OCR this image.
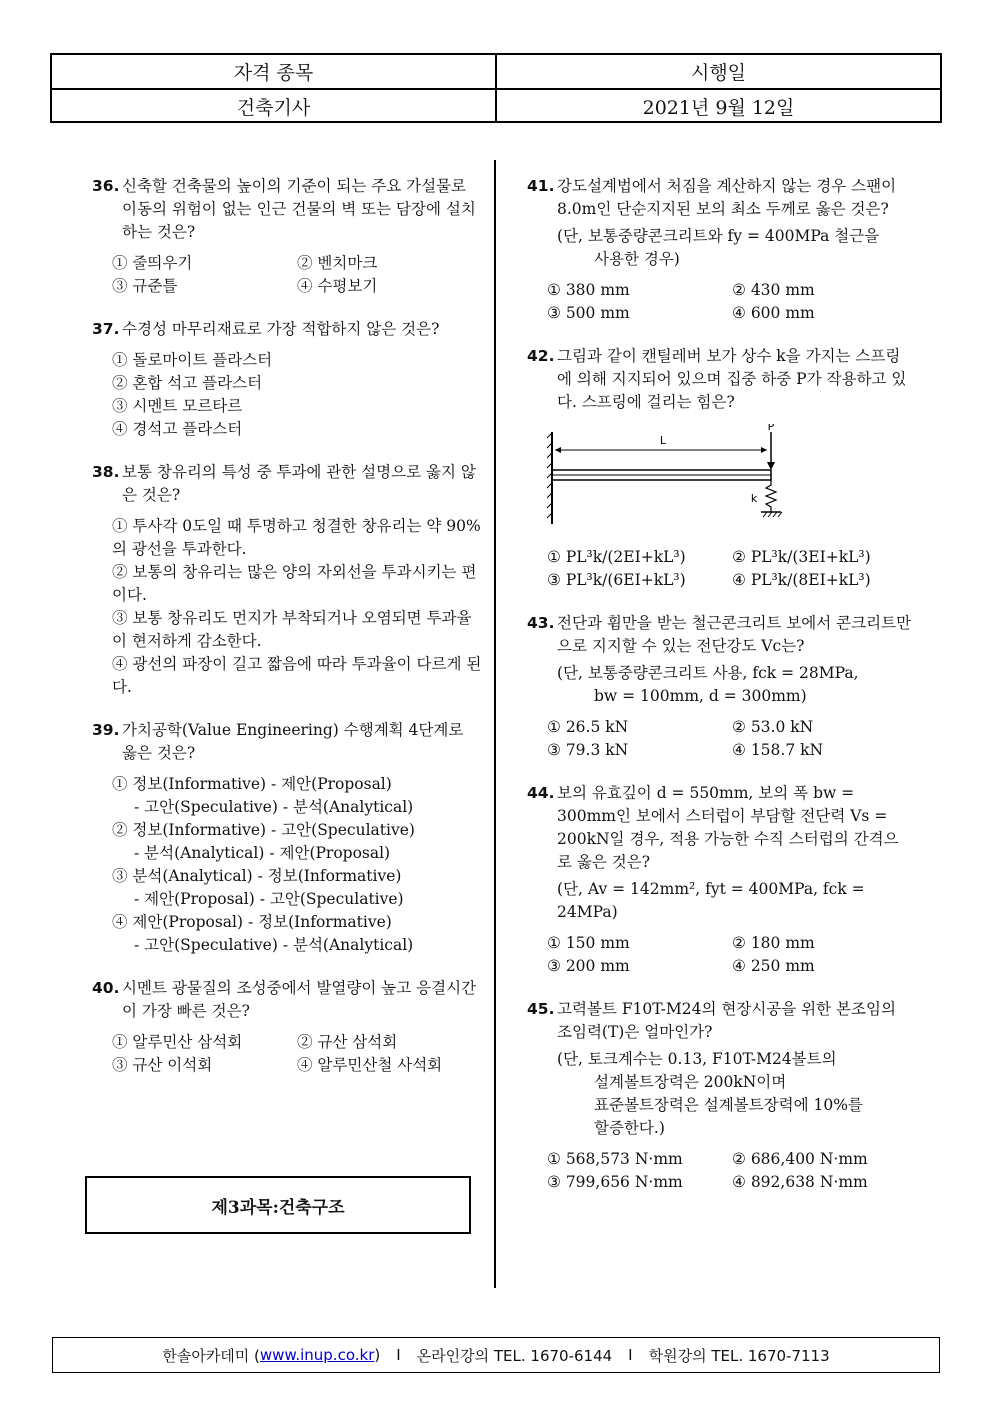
자격 종목	시행일
건축기사	2021년 9월 12일
36. 신축할 건축물의 높이의 기준이 되는 주요 가설물로 이동의 위험이 없는 인근 건물의 벽 또는 담장에 설치하는 것은?
① 줄띄우기	② 벤치마크
③ 규준틀	④ 수평보기
37. 수경성 마무리재료로 가장 적합하지 않은 것은?
① 돌로마이트 플라스터
② 혼합 석고 플라스터
③ 시멘트 모르타르
④ 경석고 플라스터
38. 보통 창유리의 특성 중 투과에 관한 설명으로 옳지 않은 것은?
① 투사각 0도일 때 투명하고 청결한 창유리는 약 90%의 광선을 투과한다.
② 보통의 창유리는 많은 양의 자외선을 투과시키는 편이다.
③ 보통 창유리도 먼지가 부착되거나 오염되면 투과율이 현저하게 감소한다.
④ 광선의 파장이 길고 짧음에 따라 투과율이 다르게 된다.
39. 가치공학(Value Engineering) 수행계획 4단계로 옳은 것은?
① 정보(Informative) - 제안(Proposal)
- 고안(Speculative) - 분석(Analytical)
② 정보(Informative) - 고안(Speculative)
- 분석(Analytical) - 제안(Proposal)
③ 분석(Analytical) - 정보(Informative)
- 제안(Proposal) - 고안(Speculative)
④ 제안(Proposal) - 정보(Informative)
- 고안(Speculative) - 분석(Analytical)
40. 시멘트 광물질의 조성중에서 발열량이 높고 응결시간이 가장 빠른 것은?
① 알루민산 삼석회	② 규산 삼석회
③ 규산 이석회	④ 알루민산철 사석회
제3과목:건축구조
41. 강도설계법에서 처짐을 계산하지 않는 경우 스팬이 8.0m인 단순지지된 보의 최소 두께로 옳은 것은?
(단, 보통중량콘크리트와 fy = 400MPa 철근을
사용한 경우)
① 380 mm	② 430 mm
③ 500 mm	④ 600 mm
42. 그림과 같이 캔틸레버 보가 상수 k을 가지는 스프링에 의해 지지되어 있으며 집중 하중 P가 작용하고 있다. 스프링에 걸리는 힘은?
L
P
k
① PL³k/(2EI+kL³)	② PL³k/(3EI+kL³)
③ PL³k/(6EI+kL³)	④ PL³k/(8EI+kL³)
43. 전단과 휨만을 받는 철근콘크리트 보에서 콘크리트만으로 지지할 수 있는 전단강도 Vc는?
(단, 보통중량콘크리트 사용, fck = 28MPa,
bw = 100mm, d = 300mm)
① 26.5 kN	② 53.0 kN
③ 79.3 kN	④ 158.7 kN
44. 보의 유효깊이 d = 550mm, 보의 폭 bw = 300mm인 보에서 스터럽이 부담할 전단력 Vs = 200kN일 경우, 적용 가능한 수직 스터럽의 간격으로 옳은 것은?
(단, Av = 142mm², fyt = 400MPa, fck = 24MPa)
① 150 mm	② 180 mm
③ 200 mm	④ 250 mm
45. 고력볼트 F10T-M24의 현장시공을 위한 본조임의 조임력(T)은 얼마인가?
(단, 토크계수는 0.13, F10T-M24볼트의
설계볼트장력은 200kN이며
표준볼트장력은 설계볼트장력에 10%를
할증한다.)
① 568,573 N·mm	② 686,400 N·mm
③ 799,656 N·mm	④ 892,638 N·mm
한솔아카데미 ( www.inup.co.kr ) I 온라인강의 TEL. 1670-6144 I 학원강의 TEL. 1670-7113
